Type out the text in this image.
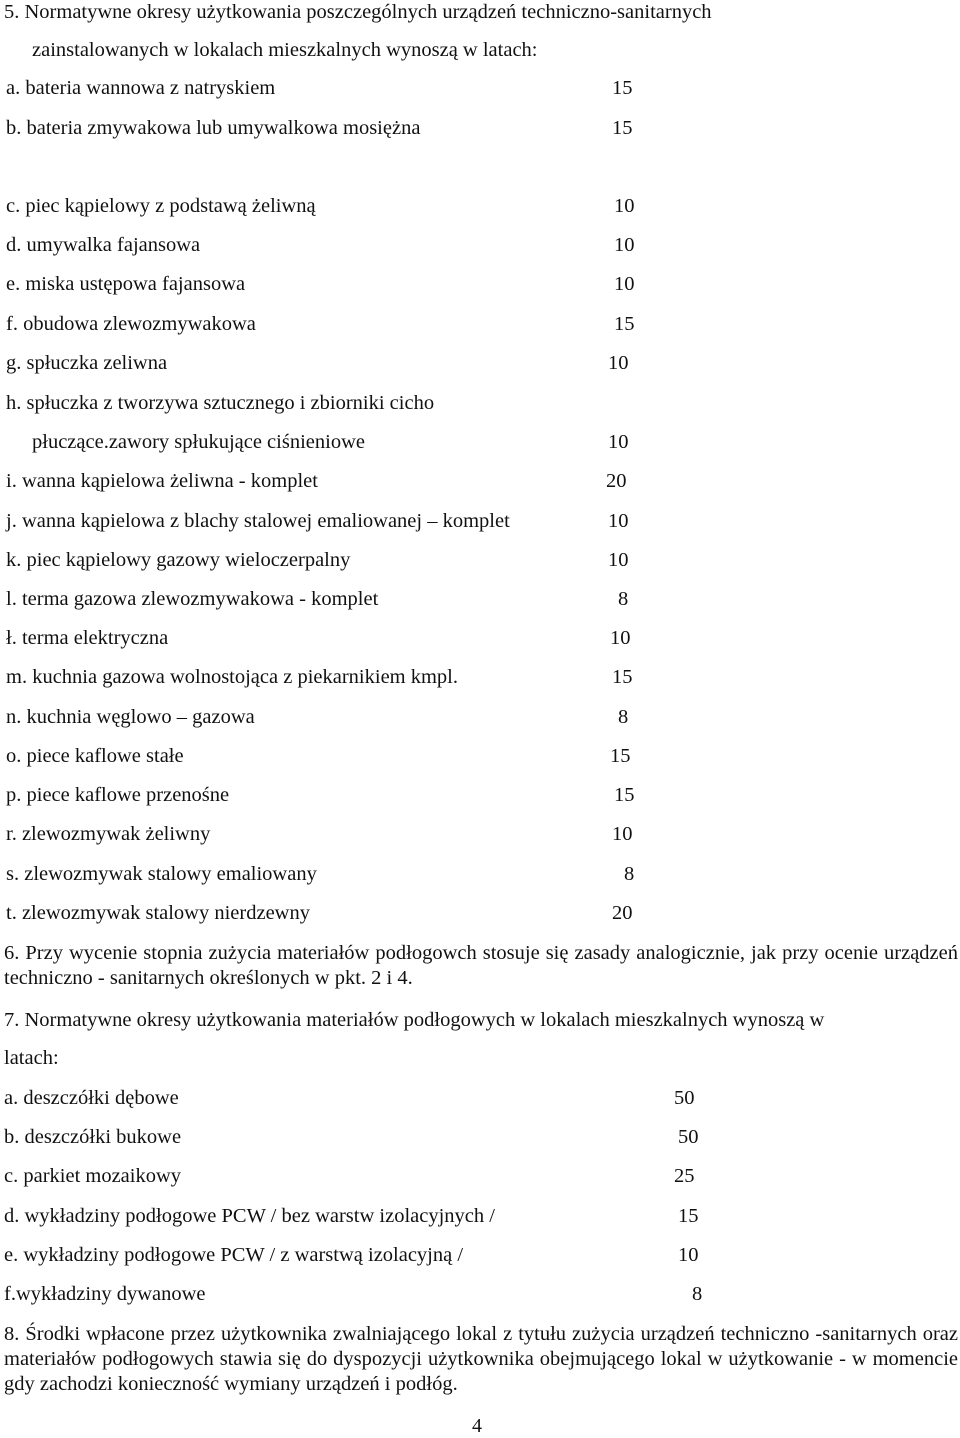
5. Normatywne okresy użytkowania poszczególnych urządzeń techniczno-sanitarnych
zainstalowanych w lokalach mieszkalnych wynoszą w latach:
a. bateria wannowa z natryskiem	15
b. bateria zmywakowa lub umywalkowa mosiężna	15
c. piec kąpielowy z podstawą żeliwną	10
d. umywalka fajansowa	10
e. miska ustępowa fajansowa	10
f. obudowa zlewozmywakowa	15
g. spłuczka zeliwna	10
h. spłuczka z tworzywa sztucznego i zbiorniki cicho
płuczące.zawory spłukujące ciśnieniowe	10
i. wanna kąpielowa żeliwna - komplet	20
j. wanna kąpielowa z blachy stalowej emaliowanej – komplet	10
k. piec kąpielowy gazowy wieloczerpalny	10
l. terma gazowa zlewozmywakowa - komplet	8
ł. terma elektryczna	10
m. kuchnia gazowa wolnostojąca z piekarnikiem kmpl.	15
n. kuchnia węglowo – gazowa	8
o. piece kaflowe stałe	15
p. piece kaflowe przenośne	15
r. zlewozmywak żeliwny	10
s. zlewozmywak stalowy emaliowany	8
t. zlewozmywak stalowy nierdzewny	20
6. Przy wycenie stopnia zużycia materiałów podłogowch stosuje się zasady analogicznie, jak przy ocenie urządzeń techniczno - sanitarnych określonych w pkt. 2 i 4.
7. Normatywne okresy użytkowania materiałów podłogowych w lokalach mieszkalnych wynoszą w
latach:
a. deszczółki dębowe	50
b. deszczółki bukowe	50
c. parkiet mozaikowy	25
d. wykładziny podłogowe PCW / bez warstw izolacyjnych /	15
e. wykładziny podłogowe PCW / z warstwą izolacyjną /	10
f.wykładziny dywanowe	8
8. Środki wpłacone przez użytkownika zwalniającego lokal z tytułu zużycia urządzeń techniczno -sanitarnych oraz materiałów podłogowych stawia się do dyspozycji użytkownika obejmującego lokal w użytkowanie - w momencie gdy zachodzi konieczność wymiany urządzeń i podłóg.
4
